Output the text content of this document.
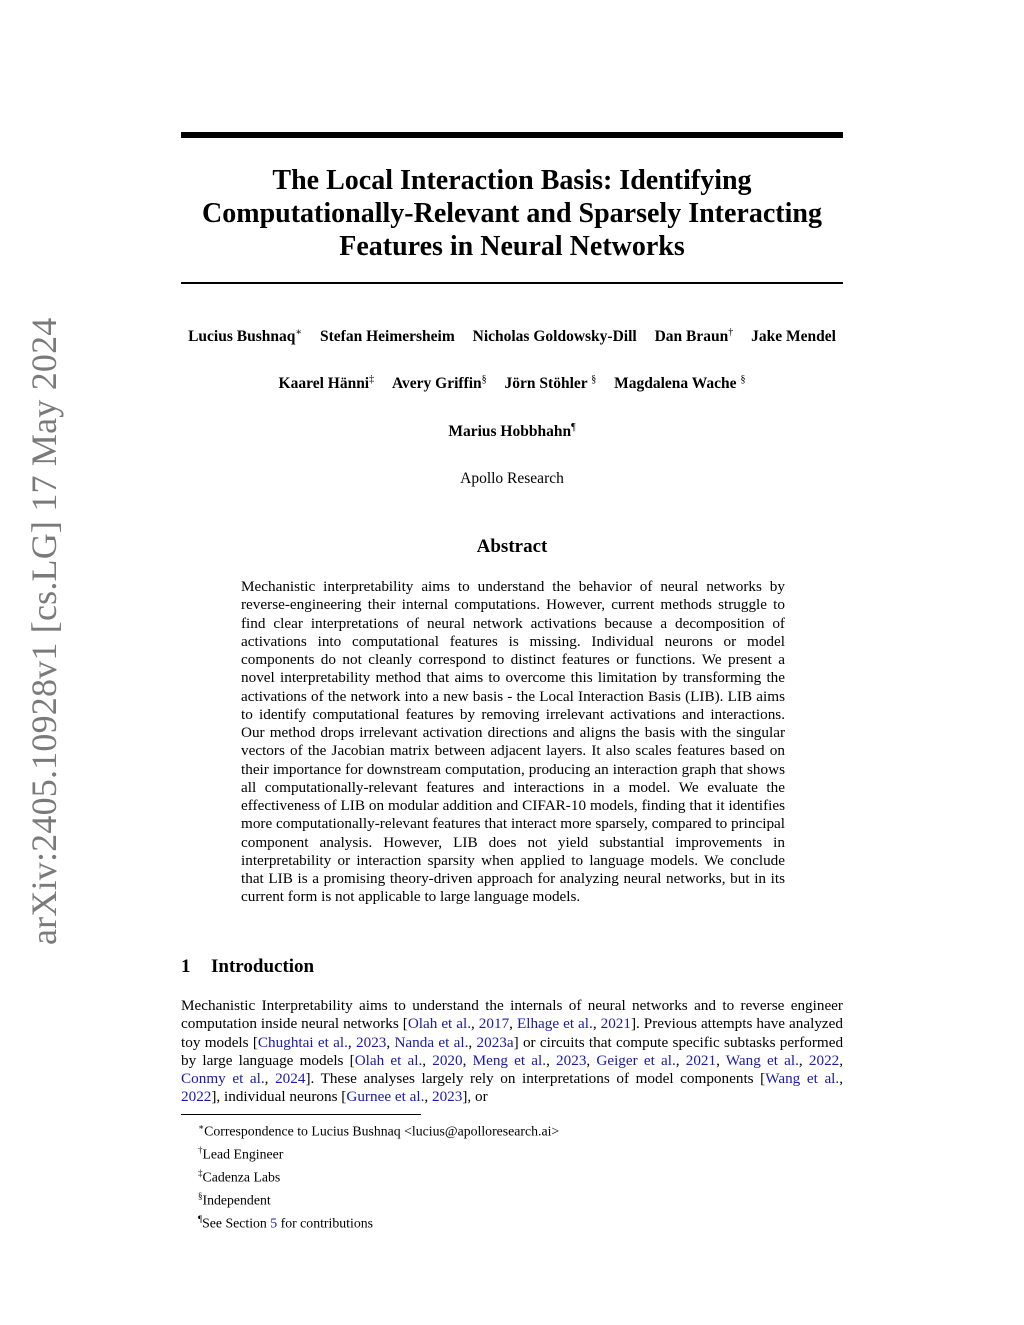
arXiv:2405.10928v1 [cs.LG] 17 May 2024
The Local Interaction Basis: Identifying Computationally-Relevant and Sparsely Interacting Features in Neural Networks
Lucius Bushnaq∗ Stefan Heimersheim Nicholas Goldowsky-Dill Dan Braun† Jake Mendel
Kaarel Hänni‡ Avery Griffin§ Jörn Stöhler § Magdalena Wache §
Marius Hobbhahn¶
Apollo Research
Abstract
Mechanistic interpretability aims to understand the behavior of neural networks by reverse-engineering their internal computations. However, current methods struggle to find clear interpretations of neural network activations because a decomposition of activations into computational features is missing. Individual neurons or model components do not cleanly correspond to distinct features or functions. We present a novel interpretability method that aims to overcome this limitation by transforming the activations of the network into a new basis - the Local Interaction Basis (LIB). LIB aims to identify computational features by removing irrelevant activations and interactions. Our method drops irrelevant activation directions and aligns the basis with the singular vectors of the Jacobian matrix between adjacent layers. It also scales features based on their importance for downstream computation, producing an interaction graph that shows all computationally-relevant features and interactions in a model. We evaluate the effectiveness of LIB on modular addition and CIFAR-10 models, finding that it identifies more computationally-relevant features that interact more sparsely, compared to principal component analysis. However, LIB does not yield substantial improvements in interpretability or interaction sparsity when applied to language models. We conclude that LIB is a promising theory-driven approach for analyzing neural networks, but in its current form is not applicable to large language models.
1 Introduction
Mechanistic Interpretability aims to understand the internals of neural networks and to reverse engineer computation inside neural networks [Olah et al., 2017, Elhage et al., 2021]. Previous attempts have analyzed toy models [Chughtai et al., 2023, Nanda et al., 2023a] or circuits that compute specific subtasks performed by large language models [Olah et al., 2020, Meng et al., 2023, Geiger et al., 2021, Wang et al., 2022, Conmy et al., 2024]. These analyses largely rely on interpretations of model components [Wang et al., 2022], individual neurons [Gurnee et al., 2023], or
∗Correspondence to Lucius Bushnaq <lucius@apolloresearch.ai>
†Lead Engineer
‡Cadenza Labs
§Independent
¶See Section 5 for contributions
